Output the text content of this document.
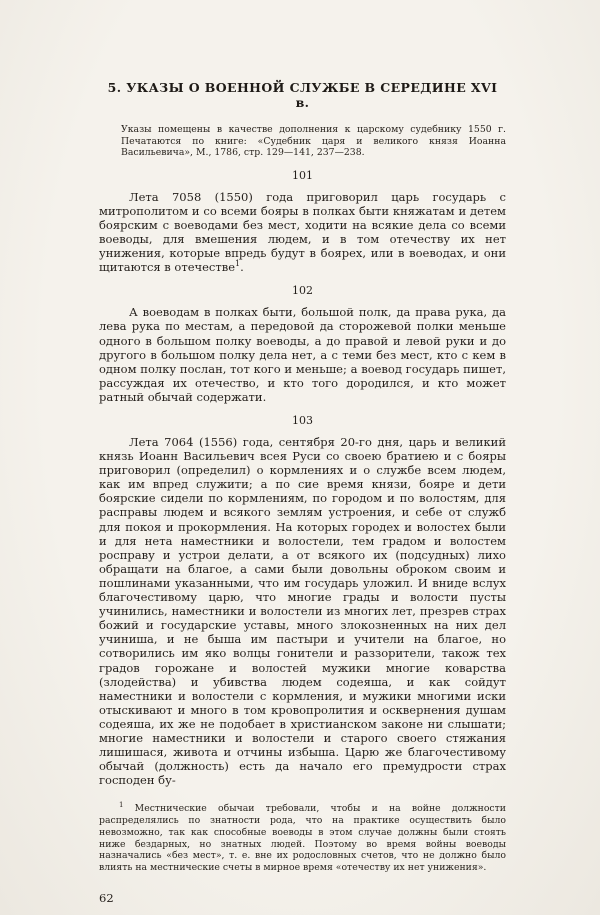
5. УКАЗЫ О ВОЕННОЙ СЛУЖБЕ В СЕРЕДИНЕ XVI в.

Указы помещены в качестве дополнения к царскому судебнику 1550 г. Печатаются по книге: «Судебник царя и великого князя Иоанна Васильевича», М., 1786, стр. 129—141, 237—238.

101

Лета 7058 (1550) года приговорил царь государь с митрополитом и со всеми бояры в полках быти княжатам и детем боярским с воеводами без мест, ходити на всякие дела со всеми воеводы, для вмешения людем, и в том отечеству их нет унижения, которые впредь будут в боярех, или в воеводах, и они щитаются в отечестве$^1$.

102

А воеводам в полках быти, большой полк, да права рука, да лева рука по местам, а передовой да сторожевой полки меньше одного в большом полку воеводы, а до правой и левой руки и до другого в большом полку дела нет, а с теми без мест, кто с кем в одном полку послан, тот кого и меньше; а воевод государь пишет, рассуждая их отечество, и кто того дородился, и кто может ратный обычай содержати.

103

Лета 7064 (1556) года, сентября 20-го дня, царь и великий князь Иоанн Васильевич всея Руси со своею братиею и с бояры приговорил (определил) о кормлениях и о службе всем людем, как им впред служити; а по сие время князи, бояре и дети боярские сидели по кормлениям, по городом и по волостям, для расправы людем и всякого землям устроения, и себе от служб для покоя и прокормления. На которых городех и волостех были и для нета наместники и волостели, тем градом и волостем росправу и устрои делати, а от всякого их (подсудных) лихо обращати на благое, а сами были довольны оброком своим и пошлинами указанными, что им государь уложил. И вниде вслух благочестивому царю, что многие грады и волости пусты учинились, наместники и волостели из многих лет, презрев страх божий и государские уставы, много злокозненных на них дел учиниша, и не быша им пастыри и учители на благое, но сотворились им яко волцы гонители и раззорители, також тех градов горожане и волостей мужики многие коварства (злодейства) и убивства людем содеяша, и как сойдут наместники и волостели с кормления, и мужики многими иски отыскивают и много в том кровопролития и осквернения душам содеяша, их же не подобает в христианском законе ни слышати; многие наместники и волостели и старого своего стяжания лишишася, живота и отчины избыша. Царю же благочестивому обычай (должность) есть да начало его премудрости страх господен бу-

$^1$ Местнические обычаи требовали, чтобы и на войне должности распределялись по знатности рода, что на практике осуществить было невозможно, так как способные воеводы в этом случае должны были стоять ниже бездарных, но знатных людей. Поэтому во время войны воеводы назначались «без мест», т. е. вне их родословных счетов, что не должно было влиять на местнические счеты в мирное время «отечеству их нет унижения».

62
